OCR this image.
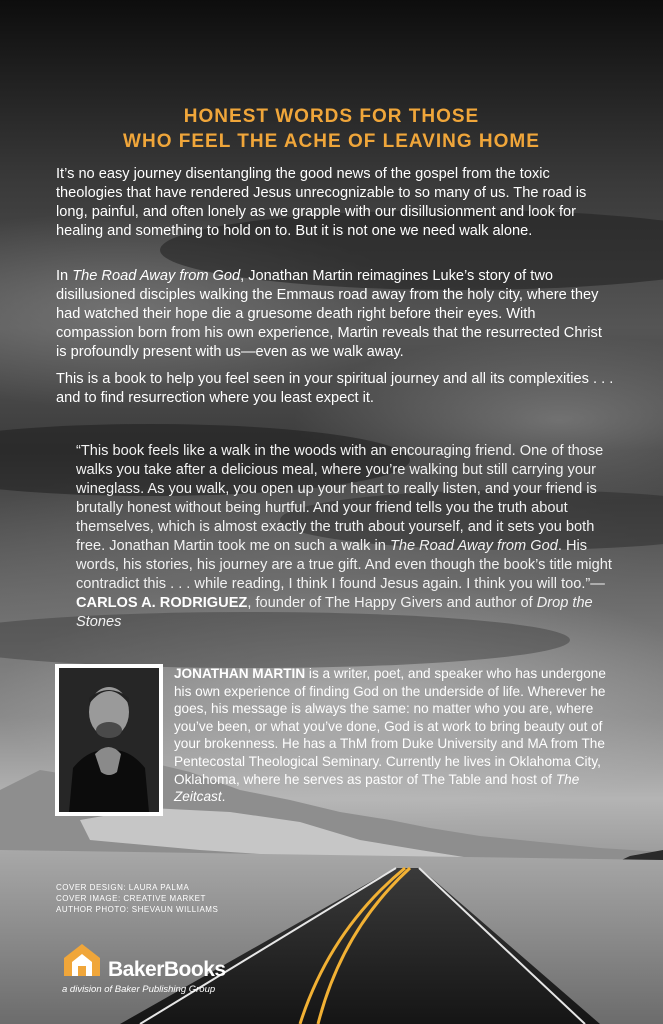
HONEST WORDS FOR THOSE
WHO FEEL THE ACHE OF LEAVING HOME
It’s no easy journey disentangling the good news of the gospel from the toxic theologies that have rendered Jesus unrecognizable to so many of us. The road is long, painful, and often lonely as we grapple with our disillusionment and look for healing and something to hold on to. But it is not one we need walk alone.
In The Road Away from God, Jonathan Martin reimagines Luke’s story of two disillusioned disciples walking the Emmaus road away from the holy city, where they had watched their hope die a gruesome death right before their eyes. With compassion born from his own experience, Martin reveals that the resurrected Christ is profoundly present with us—even as we walk away.
This is a book to help you feel seen in your spiritual journey and all its complexities . . . and to find resurrection where you least expect it.
“This book feels like a walk in the woods with an encouraging friend. One of those walks you take after a delicious meal, where you’re walking but still carrying your wineglass. As you walk, you open up your heart to really listen, and your friend is brutally honest without being hurtful. And your friend tells you the truth about themselves, which is almost exactly the truth about yourself, and it sets you both free. Jonathan Martin took me on such a walk in The Road Away from God. His words, his stories, his journey are a true gift. And even though the book’s title might contradict this . . . while reading, I think I found Jesus again. I think you will too.”—CARLOS A. RODRIGUEZ, founder of The Happy Givers and author of Drop the Stones
JONATHAN MARTIN is a writer, poet, and speaker who has undergone his own experience of finding God on the underside of life. Wherever he goes, his message is always the same: no matter who you are, where you’ve been, or what you’ve done, God is at work to bring beauty out of your brokenness. He has a ThM from Duke University and MA from The Pentecostal Theological Seminary. Currently he lives in Oklahoma City, Oklahoma, where he serves as pastor of The Table and host of The Zeitcast.
COVER DESIGN: LAURA PALMA
COVER IMAGE: CREATIVE MARKET
AUTHOR PHOTO: SHEVAUN WILLIAMS
BakerBooks
a division of Baker Publishing Group
